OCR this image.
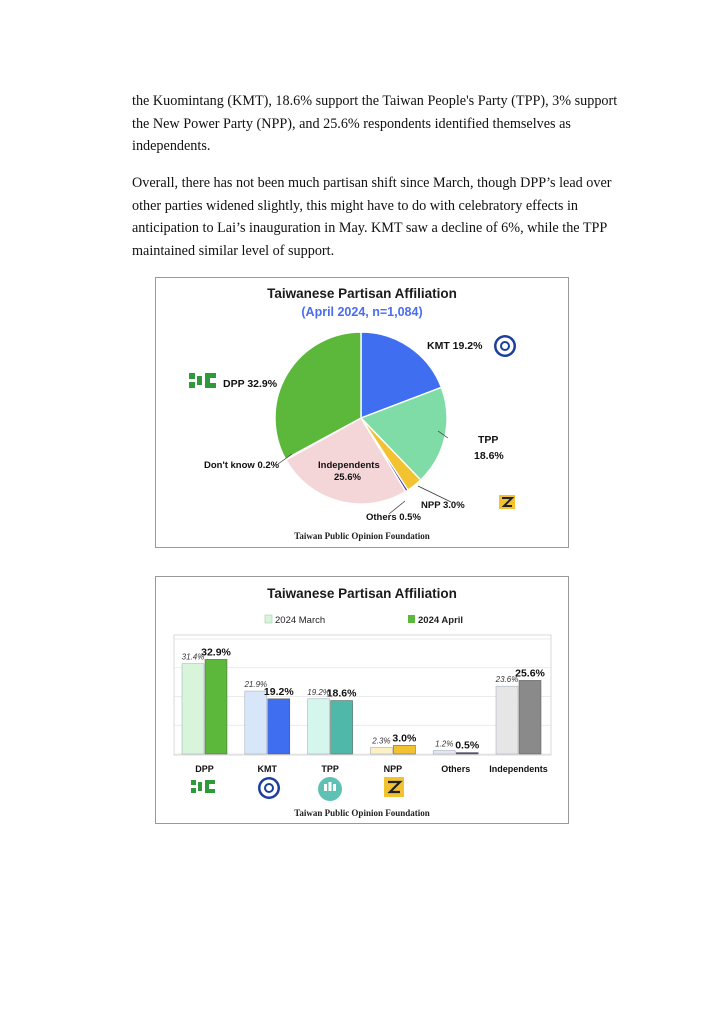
the Kuomintang (KMT), 18.6% support the Taiwan People's Party (TPP), 3% support the New Power Party (NPP), and 25.6% respondents identified themselves as independents.

Overall, there has not been much partisan shift since March, though DPP’s lead over other parties widened slightly, this might have to do with celebratory effects in anticipation to Lai’s inauguration in May. KMT saw a decline of 6%, while the TPP maintained similar level of support.

Taiwanese Partisan Affiliation
(April 2024, n=1,084)
KMT 19.2%
TPP
18.6%
NPP 3.0%
Others 0.5%
Independents
25.6%
Don't know 0.2%
DPP 32.9%
Taiwan Public Opinion Foundation
Taiwanese Partisan Affiliation
2024 March	2024 April
31.4%
32.9%
21.9%
19.2% 19.2%
18.6%
2.3% 3.0% 1.2% 0.5%
23.6%
25.6%
DPP	KMT	TPP	NPP	Others Independents
Taiwan Public Opinion Foundation
